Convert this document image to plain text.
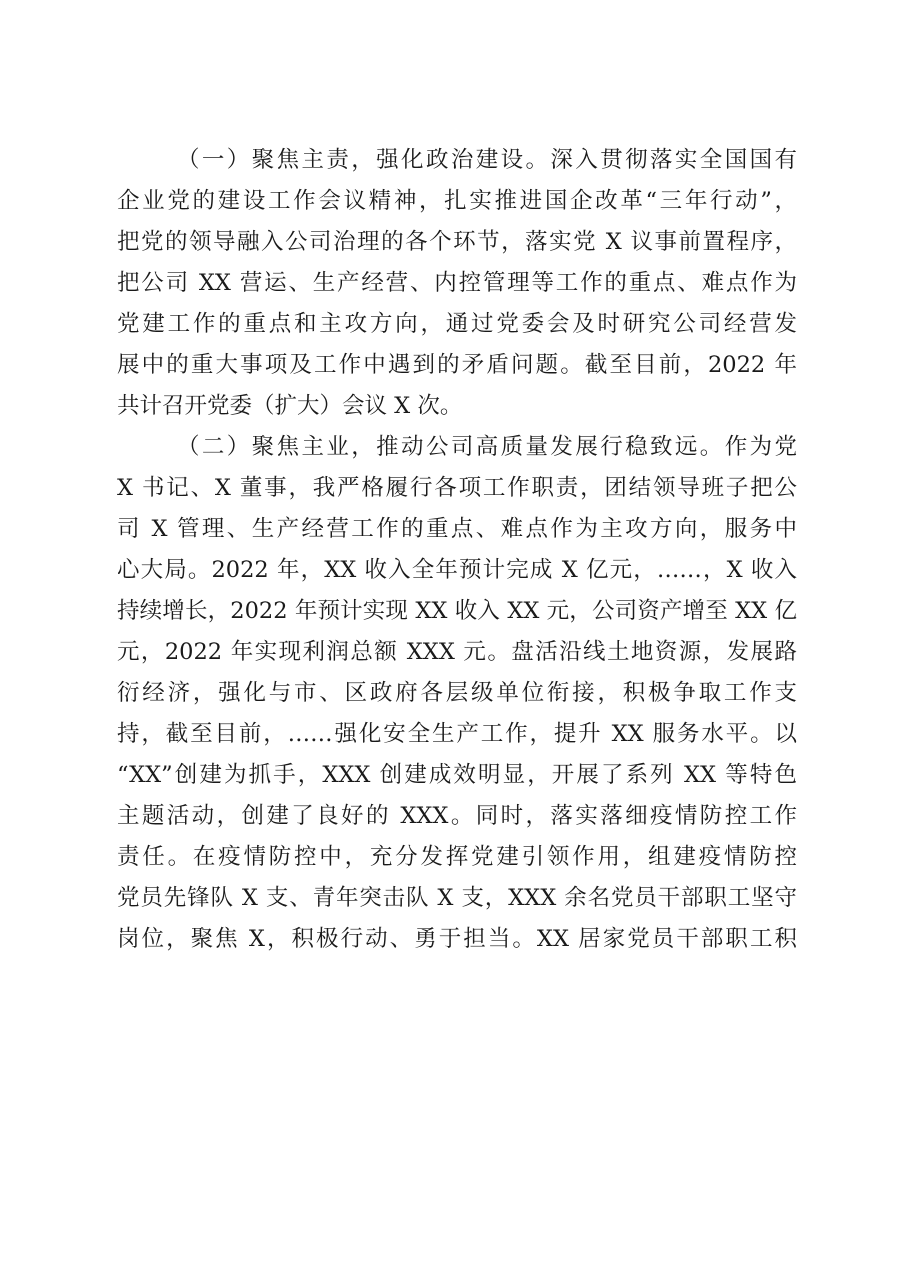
（一）聚焦主责，强化政治建设。深入贯彻落实全国国有
企业党的建设工作会议精神，扎实推进国企改革“三年行动”，
把党的领导融入公司治理的各个环节，落实党 X 议事前置程序，
把公司 XX 营运、生产经营、内控管理等工作的重点、难点作为
党建工作的重点和主攻方向，通过党委会及时研究公司经营发
展中的重大事项及工作中遇到的矛盾问题。截至目前，2022 年
共计召开党委（扩大）会议 X 次。
（二）聚焦主业，推动公司高质量发展行稳致远。作为党
X 书记、X 董事，我严格履行各项工作职责，团结领导班子把公
司 X 管理、生产经营工作的重点、难点作为主攻方向，服务中
心大局。2022 年，XX 收入全年预计完成 X 亿元，……，X 收入
持续增长，2022 年预计实现 XX 收入 XX 元，公司资产增至 XX 亿
元，2022 年实现利润总额 XXX 元。盘活沿线土地资源，发展路
衍经济，强化与市、区政府各层级单位衔接，积极争取工作支
持，截至目前，……强化安全生产工作，提升 XX 服务水平。以
“XX”创建为抓手，XXX 创建成效明显，开展了系列 XX 等特色
主题活动，创建了良好的 XXX。同时，落实落细疫情防控工作
责任。在疫情防控中，充分发挥党建引领作用，组建疫情防控
党员先锋队 X 支、青年突击队 X 支，XXX 余名党员干部职工坚守
岗位，聚焦 X，积极行动、勇于担当。XX 居家党员干部职工积
